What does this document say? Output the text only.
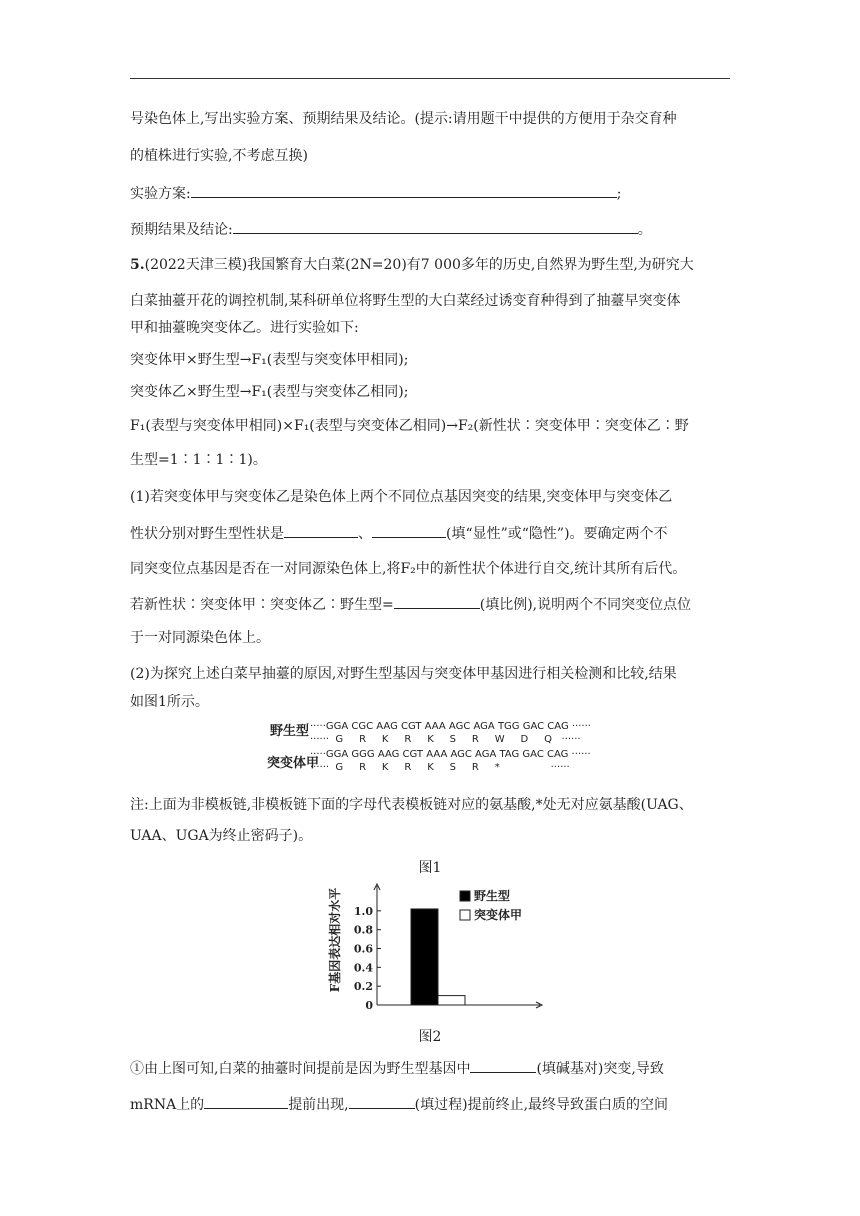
号染色体上,写出实验方案、预期结果及结论。(提示:请用题干中提供的方便用于杂交育种
的植株进行实验,不考虑互换)
实验方案:	;
预期结果及结论:	。
5.(2022天津三模)我国繁育大白菜(2N=20)有7 000多年的历史,自然界为野生型,为研究大
白菜抽薹开花的调控机制,某科研单位将野生型的大白菜经过诱变育种得到了抽薹早突变体
甲和抽薹晚突变体乙。进行实验如下:
突变体甲×野生型→F₁(表型与突变体甲相同);
突变体乙×野生型→F₁(表型与突变体乙相同);
F₁(表型与突变体甲相同)×F₁(表型与突变体乙相同)→F₂(新性状∶突变体甲∶突变体乙∶野
生型=1∶1∶1∶1)。
(1)若突变体甲与突变体乙是染色体上两个不同位点基因突变的结果,突变体甲与突变体乙
性状分别对野生型性状是	、	(填“显性”或“隐性”)。要确定两个不
同突变位点基因是否在一对同源染色体上,将F₂中的新性状个体进行自交,统计其所有后代。
若新性状∶突变体甲∶突变体乙∶野生型=	(填比例),说明两个不同突变位点位
于一对同源染色体上。
(2)为探究上述白菜早抽薹的原因,对野生型基因与突变体甲基因进行相关检测和比较,结果
如图1所示。
野生型 ·····GGA CGC AAG CGT AAA AGC AGA TGG GAC CAG ······
······  G     R     K     R     K     S     R     W     D     Q   ······
突变体甲
·····GGA GGG AAG CGT AAA AGC AGA TAG GAC CAG ······
······  G     R     K     R     K     S     R     *                ······
注:上面为非模板链,非模板链下面的字母代表模板链对应的氨基酸,*处无对应氨基酸(UAG、
UAA、UGA为终止密码子)。
图1
F基因表达相对水平
0
0.2
0.4
0.6
0.8
1.0
野生型
突变体甲
图2
①由上图可知,白菜的抽薹时间提前是因为野生型基因中	(填碱基对)突变,导致
mRNA上的	提前出现,	(填过程)提前终止,最终导致蛋白质的空间
